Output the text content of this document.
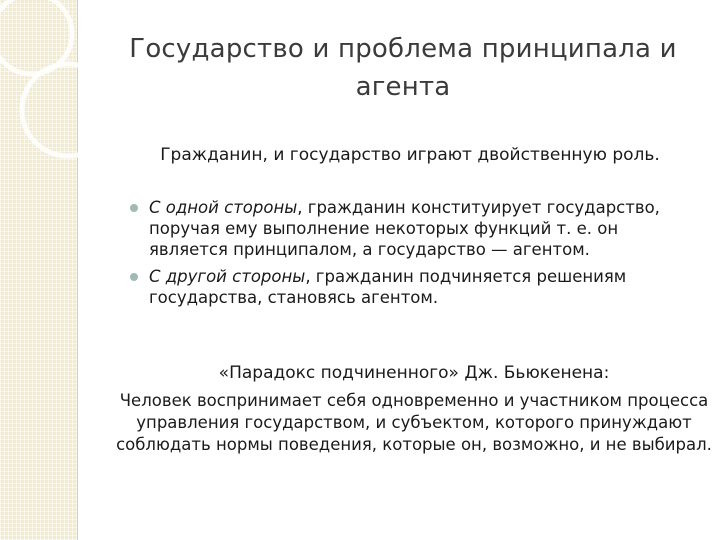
Государство и проблема принципала и агента
Гражданин, и государство играют двойственную роль.
С одной стороны, гражданин конституирует государство, поручая ему выполнение некоторых функций т. е. он является принципалом, а государство — агентом.
С другой стороны, гражданин подчиняется решениям государства, становясь агентом.
«Парадокс подчиненного» Дж. Бьюкенена:
Человек воспринимает себя одновременно и участником процесса управления государством, и субъектом, которого принуждают соблюдать нормы поведения, которые он, возможно, и не выбирал.
